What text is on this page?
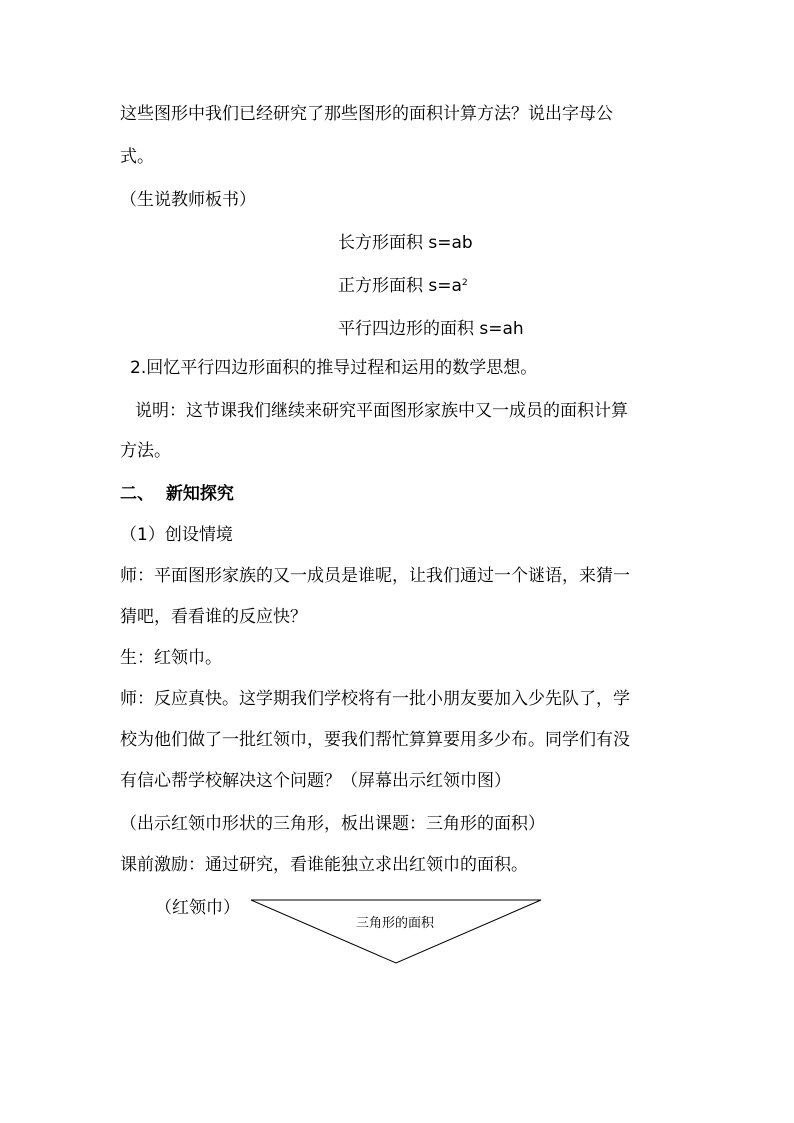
这些图形中我们已经研究了那些图形的面积计算方法？说出字母公
式。
（生说教师板书）
长方形面积 s=ab
正方形面积 $s=a^2$
平行四边形的面积 s=ah
2.回忆平行四边形面积的推导过程和运用的数学思想。
说明：这节课我们继续来研究平面图形家族中又一成员的面积计算
方法。
二、  新知探究
（1）创设情境
师：平面图形家族的又一成员是谁呢，让我们通过一个谜语，来猜一
猜吧，看看谁的反应快？
生：红领巾。
师：反应真快。这学期我们学校将有一批小朋友要加入少先队了，学
校为他们做了一批红领巾，要我们帮忙算算要用多少布。同学们有没
有信心帮学校解决这个问题？（屏幕出示红领巾图）
（出示红领巾形状的三角形，板出课题：三角形的面积）
课前激励：通过研究，看谁能独立求出红领巾的面积。
（红领巾）
三角形的面积
